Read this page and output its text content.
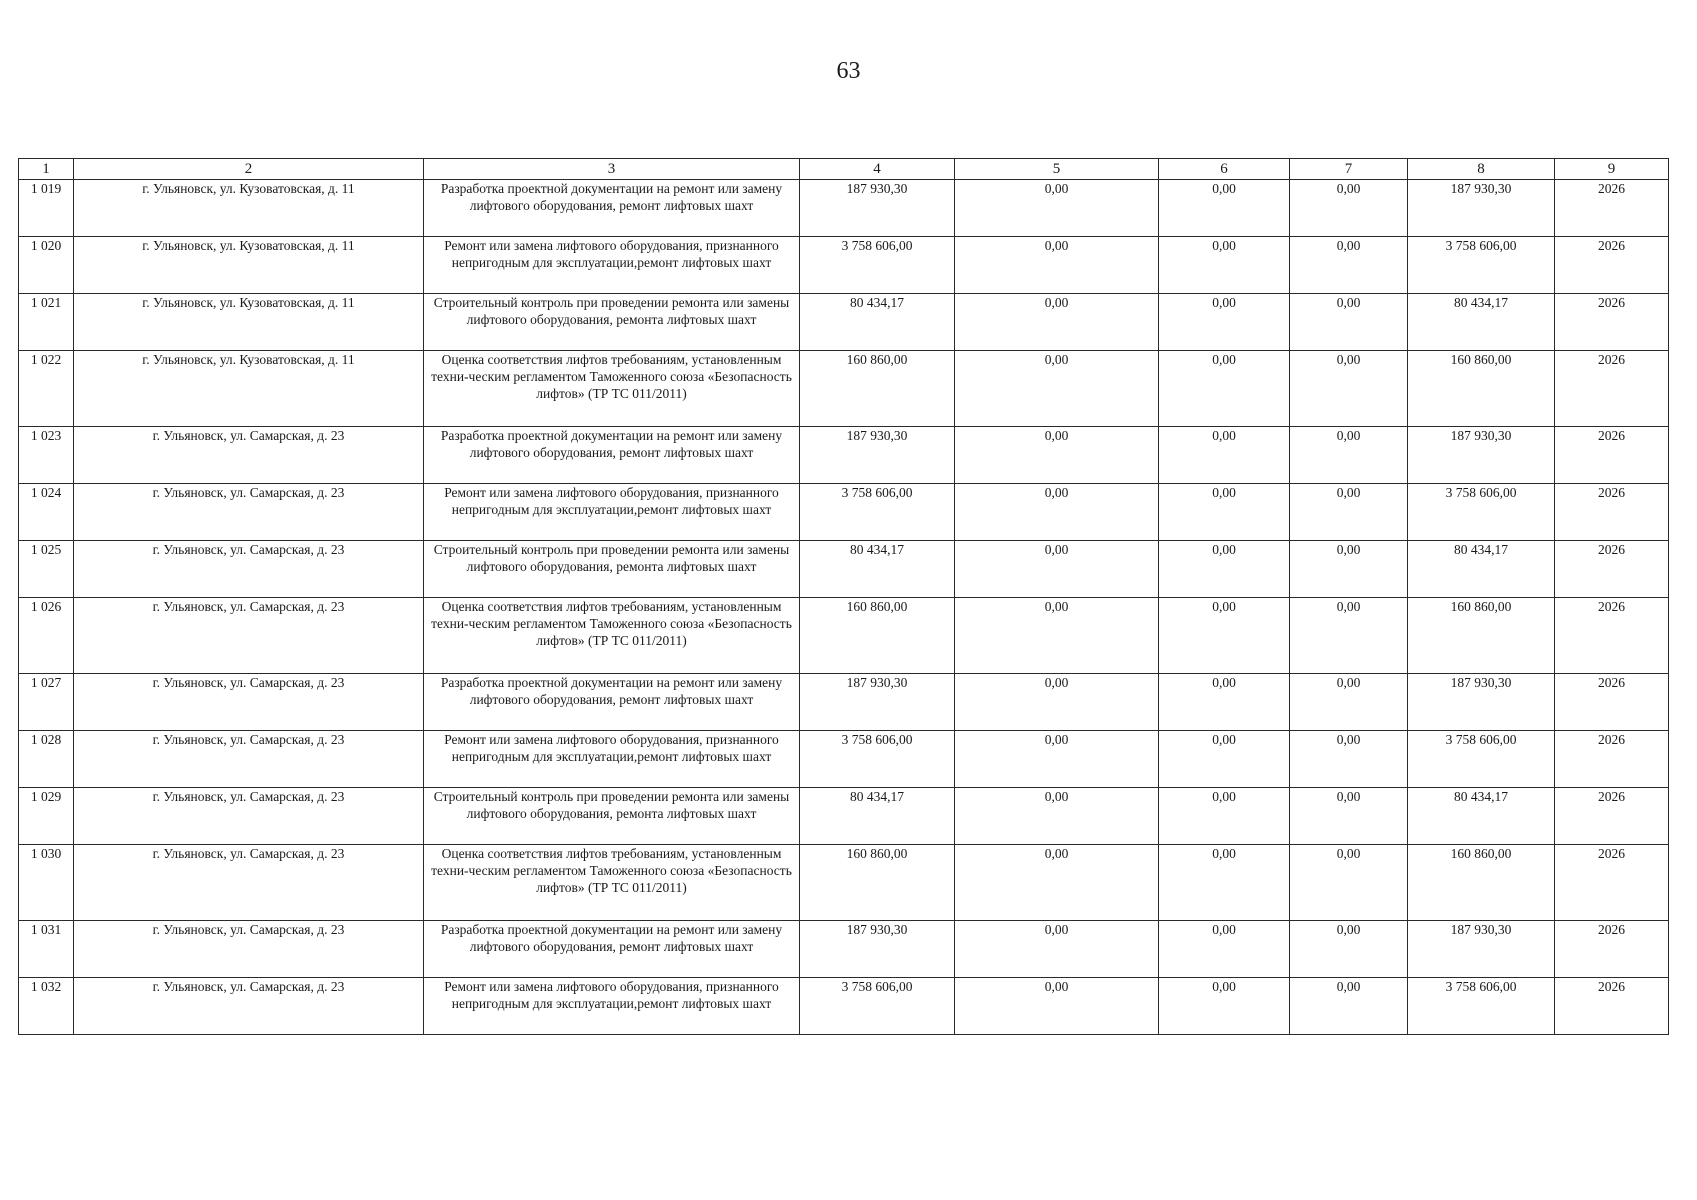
63
1	2	3	4	5	6	7	8	9
1 019	г. Ульяновск, ул. Кузоватовская, д. 11	Разработка проектной документации на ремонт или замену лифтового оборудования, ремонт лифтовых шахт	187 930,30	0,00	0,00	0,00	187 930,30	2026
1 020	г. Ульяновск, ул. Кузоватовская, д. 11	Ремонт или замена лифтового оборудования, признанного непригодным для эксплуатации,ремонт лифтовых шахт	3 758 606,00	0,00	0,00	0,00	3 758 606,00	2026
1 021	г. Ульяновск, ул. Кузоватовская, д. 11	Строительный контроль при проведении ремонта или замены лифтового оборудования, ремонта лифтовых шахт	80 434,17	0,00	0,00	0,00	80 434,17	2026
1 022	г. Ульяновск, ул. Кузоватовская, д. 11	Оценка соответствия лифтов требованиям, установленным техни-ческим регламентом Таможенного союза «Безопасность лифтов» (ТР ТС 011/2011)	160 860,00	0,00	0,00	0,00	160 860,00	2026
1 023	г. Ульяновск, ул. Самарская, д. 23	Разработка проектной документации на ремонт или замену лифтового оборудования, ремонт лифтовых шахт	187 930,30	0,00	0,00	0,00	187 930,30	2026
1 024	г. Ульяновск, ул. Самарская, д. 23	Ремонт или замена лифтового оборудования, признанного непригодным для эксплуатации,ремонт лифтовых шахт	3 758 606,00	0,00	0,00	0,00	3 758 606,00	2026
1 025	г. Ульяновск, ул. Самарская, д. 23	Строительный контроль при проведении ремонта или замены лифтового оборудования, ремонта лифтовых шахт	80 434,17	0,00	0,00	0,00	80 434,17	2026
1 026	г. Ульяновск, ул. Самарская, д. 23	Оценка соответствия лифтов требованиям, установленным техни-ческим регламентом Таможенного союза «Безопасность лифтов» (ТР ТС 011/2011)	160 860,00	0,00	0,00	0,00	160 860,00	2026
1 027	г. Ульяновск, ул. Самарская, д. 23	Разработка проектной документации на ремонт или замену лифтового оборудования, ремонт лифтовых шахт	187 930,30	0,00	0,00	0,00	187 930,30	2026
1 028	г. Ульяновск, ул. Самарская, д. 23	Ремонт или замена лифтового оборудования, признанного непригодным для эксплуатации,ремонт лифтовых шахт	3 758 606,00	0,00	0,00	0,00	3 758 606,00	2026
1 029	г. Ульяновск, ул. Самарская, д. 23	Строительный контроль при проведении ремонта или замены лифтового оборудования, ремонта лифтовых шахт	80 434,17	0,00	0,00	0,00	80 434,17	2026
1 030	г. Ульяновск, ул. Самарская, д. 23	Оценка соответствия лифтов требованиям, установленным техни-ческим регламентом Таможенного союза «Безопасность лифтов» (ТР ТС 011/2011)	160 860,00	0,00	0,00	0,00	160 860,00	2026
1 031	г. Ульяновск, ул. Самарская, д. 23	Разработка проектной документации на ремонт или замену лифтового оборудования, ремонт лифтовых шахт	187 930,30	0,00	0,00	0,00	187 930,30	2026
1 032	г. Ульяновск, ул. Самарская, д. 23	Ремонт или замена лифтового оборудования, признанного непригодным для эксплуатации,ремонт лифтовых шахт	3 758 606,00	0,00	0,00	0,00	3 758 606,00	2026
